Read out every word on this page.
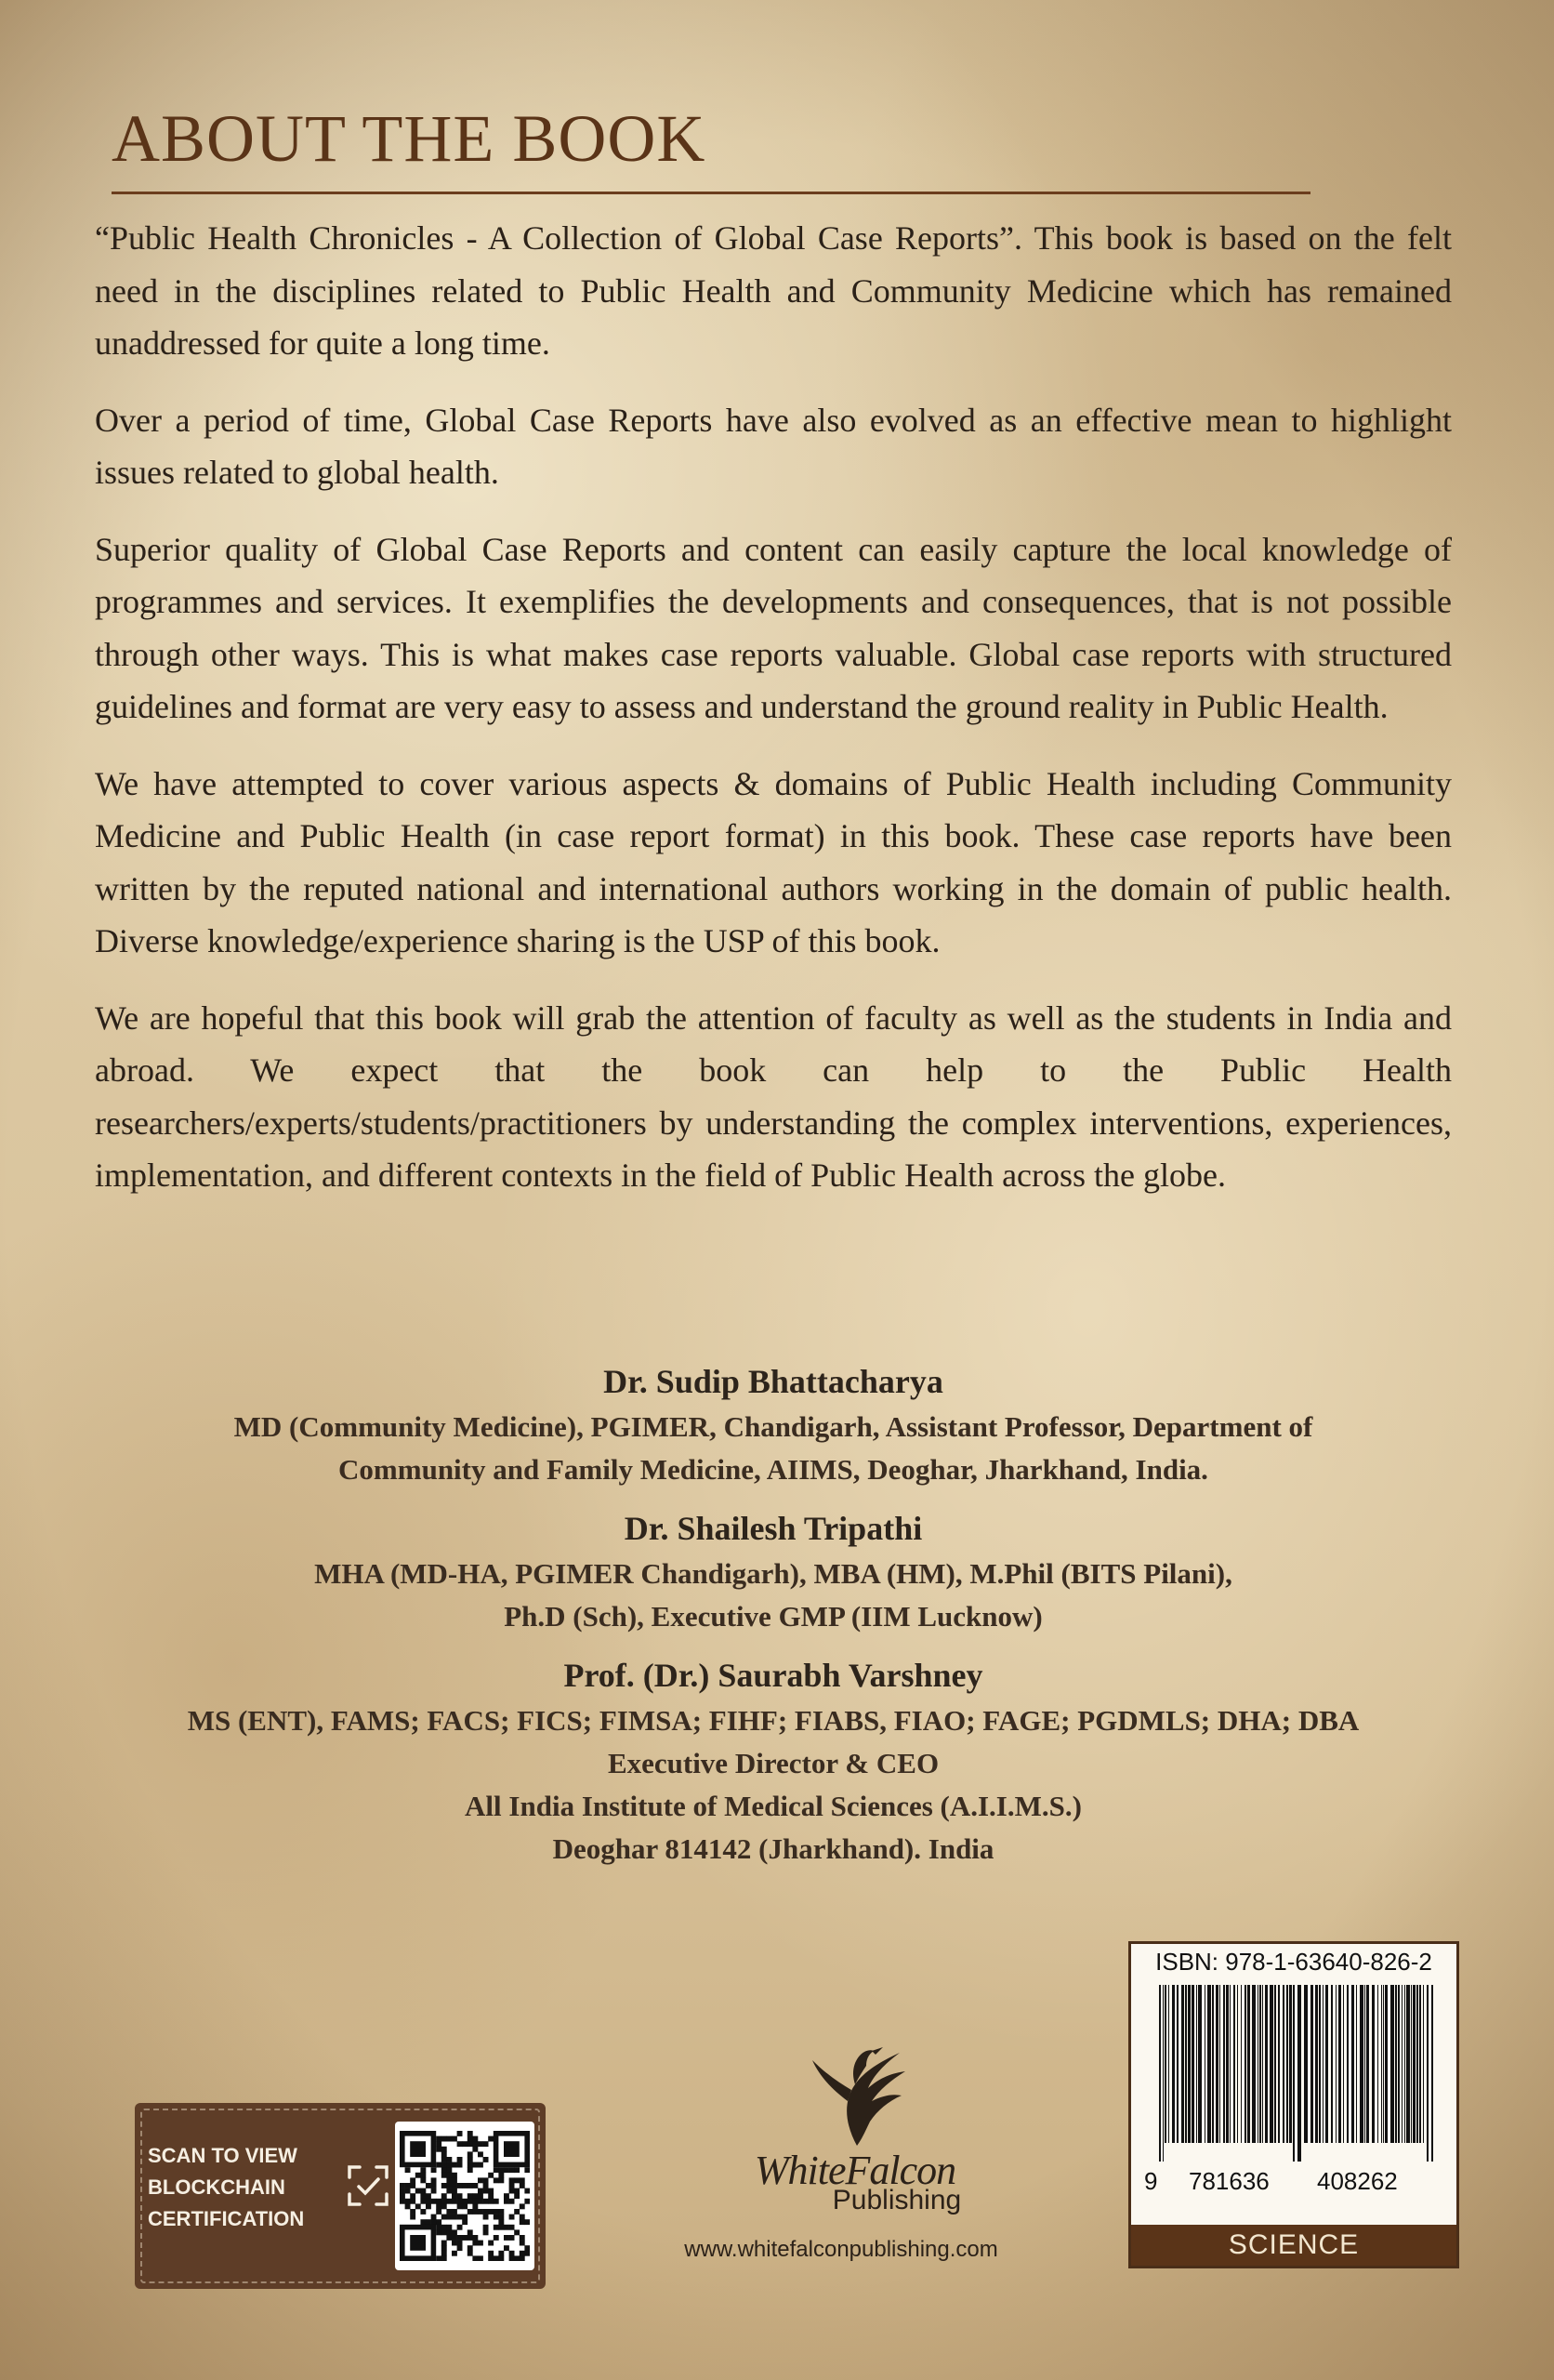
ABOUT THE BOOK

“Public Health Chronicles - A Collection of Global Case Reports”. This book is based on the felt need in the disciplines related to Public Health and Community Medicine which has remained unaddressed for quite a long time.

Over a period of time, Global Case Reports have also evolved as an effective mean to highlight issues related to global health.

Superior quality of Global Case Reports and content can easily capture the local knowledge of programmes and services. It exemplifies the developments and consequences, that is not possible through other ways. This is what makes case reports valuable. Global case reports with structured guidelines and format are very easy to assess and understand the ground reality in Public Health.

We have attempted to cover various aspects & domains of Public Health including Community Medicine and Public Health (in case report format) in this book. These case reports have been written by the reputed national and international authors working in the domain of public health. Diverse knowledge/experience sharing is the USP of this book.

We are hopeful that this book will grab the attention of faculty as well as the students in India and abroad. We expect that the book can help to the Public Health researchers/experts/students/practitioners by understanding the complex interventions, experiences, implementation, and different contexts in the field of Public Health across the globe.

Dr. Sudip Bhattacharya
MD (Community Medicine), PGIMER, Chandigarh, Assistant Professor, Department of
Community and Family Medicine, AIIMS, Deoghar, Jharkhand, India.
Dr. Shailesh Tripathi
MHA (MD-HA, PGIMER Chandigarh), MBA (HM), M.Phil (BITS Pilani),
Ph.D (Sch), Executive GMP (IIM Lucknow)
Prof. (Dr.) Saurabh Varshney
MS (ENT), FAMS; FACS; FICS; FIMSA; FIHF; FIABS, FIAO; FAGE; PGDMLS; DHA; DBA
Executive Director & CEO
All India Institute of Medical Sciences (A.I.I.M.S.)
Deoghar 814142 (Jharkhand). India
SCAN TO VIEW
BLOCKCHAIN
CERTIFICATION
WhiteFalcon
Publishing
www.whitefalconpublishing.com
ISBN: 978-1-63640-826-2
9 781636 408262
SCIENCE
